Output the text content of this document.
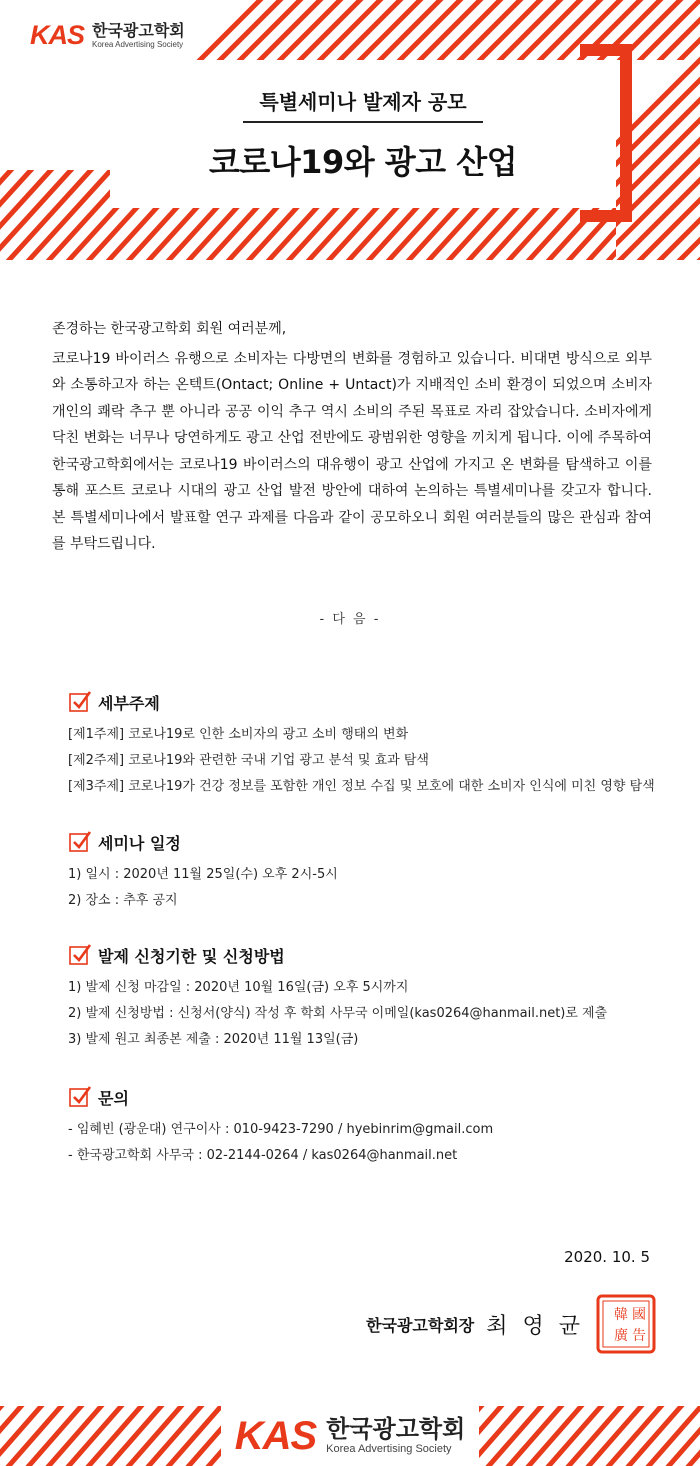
KAS 한국광고학회
Korea Advertising Society
특별세미나 발제자 공모
코로나19와 광고 산업

존경하는 한국광고학회 회원 여러분께,

코로나19 바이러스 유행으로 소비자는 다방면의 변화를 경험하고 있습니다. 비대면 방식으로 외부와 소통하고자 하는 온텍트(Ontact; Online + Untact)가 지배적인 소비 환경이 되었으며 소비자 개인의 쾌락 추구 뿐 아니라 공공 이익 추구 역시 소비의 주된 목표로 자리 잡았습니다. 소비자에게 닥친 변화는 너무나 당연하게도 광고 산업 전반에도 광범위한 영향을 끼치게 됩니다. 이에 주목하여 한국광고학회에서는 코로나19 바이러스의 대유행이 광고 산업에 가지고 온 변화를 탐색하고 이를 통해 포스트 코로나 시대의 광고 산업 발전 방안에 대하여 논의하는 특별세미나를 갖고자 합니다. 본 특별세미나에서 발표할 연구 과제를 다음과 같이 공모하오니 회원 여러분들의 많은 관심과 참여를 부탁드립니다.

- 다 음 -
세부주제
[제1주제] 코로나19로 인한 소비자의 광고 소비 행태의 변화
[제2주제] 코로나19와 관련한 국내 기업 광고 분석 및 효과 탐색
[제3주제] 코로나19가 건강 정보를 포함한 개인 정보 수집 및 보호에 대한 소비자 인식에 미친 영향 탐색
세미나 일정
1) 일시 : 2020년 11월 25일(수) 오후 2시-5시
2) 장소 : 추후 공지
발제 신청기한 및 신청방법
1) 발제 신청 마감일 : 2020년 10월 16일(금) 오후 5시까지
2) 발제 신청방법 : 신청서(양식) 작성 후 학회 사무국 이메일(kas0264@hanmail.net)로 제출
3) 발제 원고 최종본 제출 : 2020년 11월 13일(금)
문의
- 임혜빈 (광운대) 연구이사 : 010-9423-7290 / hyebinrim@gmail.com
- 한국광고학회 사무국 : 02-2144-0264 / kas0264@hanmail.net
2020. 10. 5
한국광고학회장 최 영 균 韓 國
廣 告
KAS 한국광고학회
Korea Advertising Society
